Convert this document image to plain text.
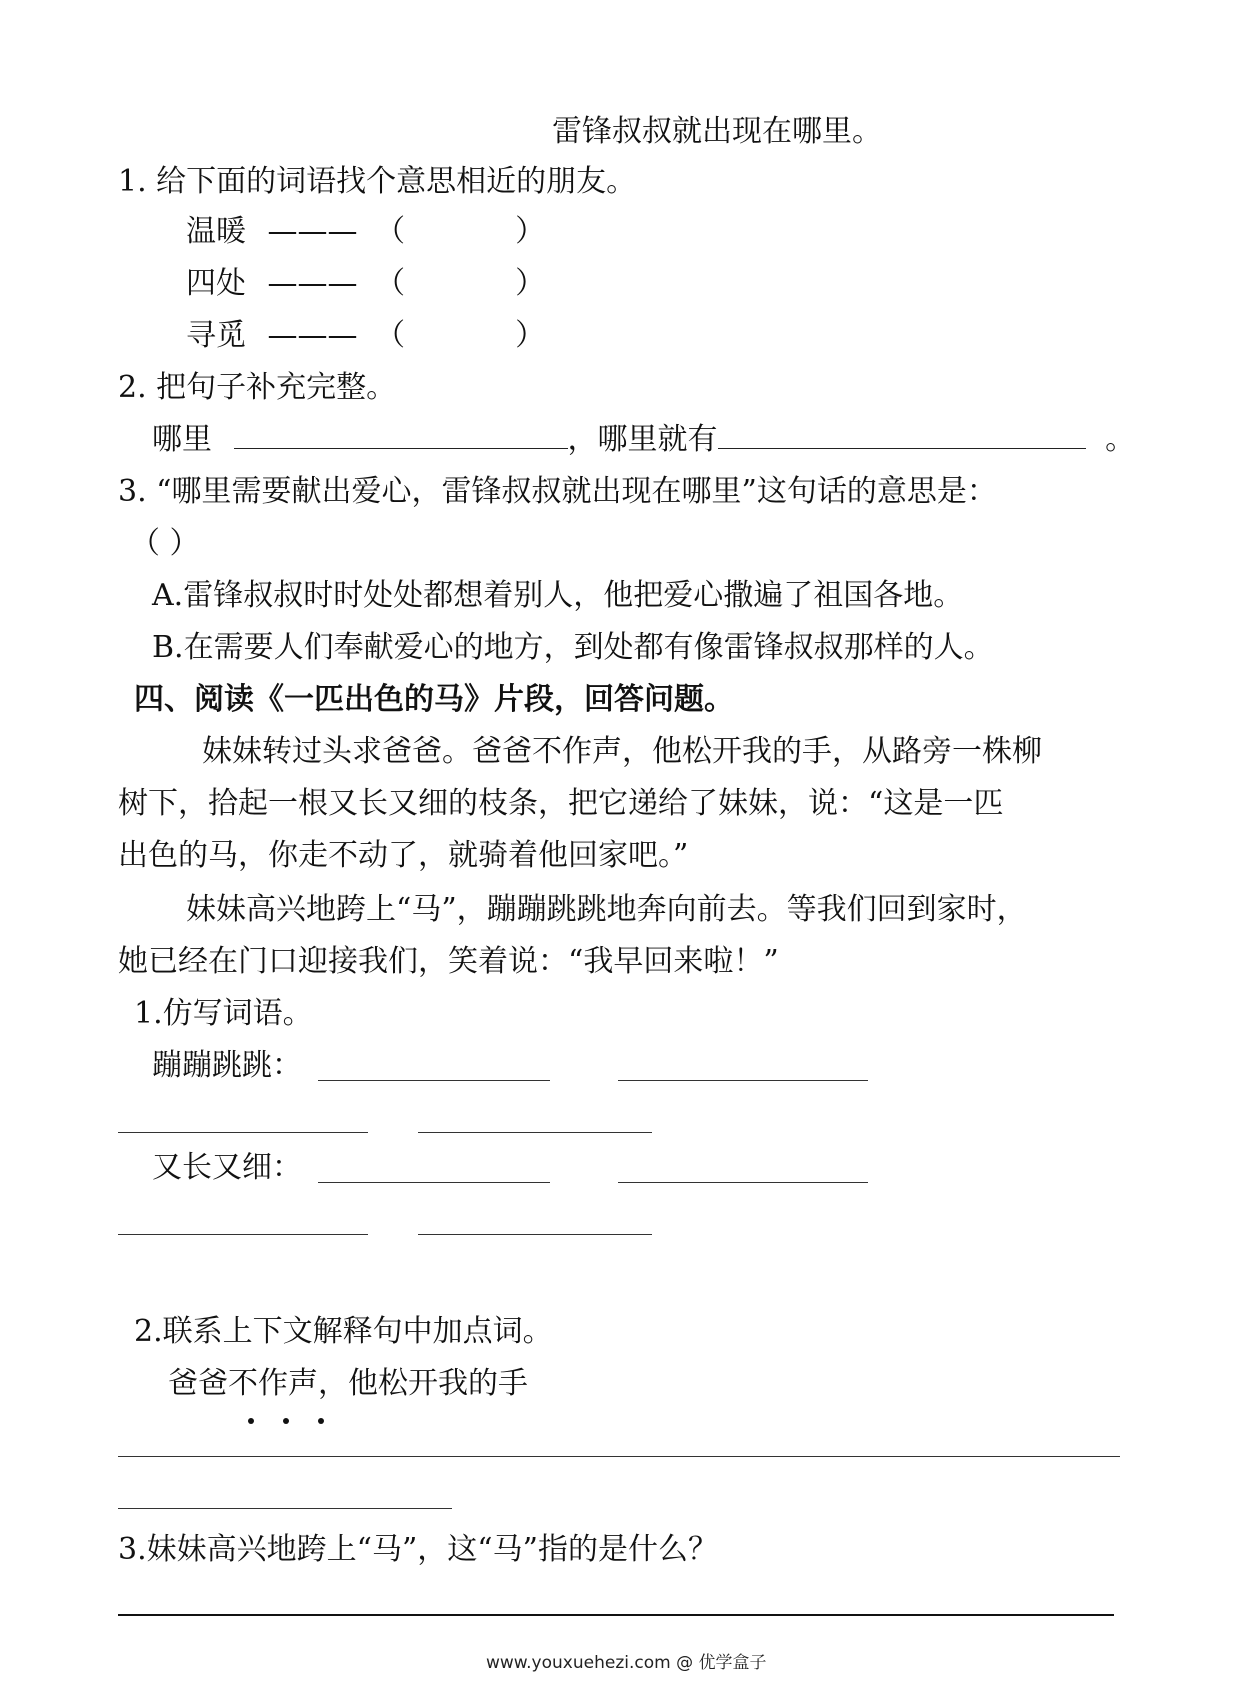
雷锋叔叔就出现在哪里。
1. 给下面的词语找个意思相近的朋友。
温暖 ——— （	）
四处 ——— （	）
寻觅 ——— （	）
2. 把句子补充完整。
哪里	，哪里就有	。
3. “哪里需要献出爱心，雷锋叔叔就出现在哪里”这句话的意思是：
（ ）
A.雷锋叔叔时时处处都想着别人，他把爱心撒遍了祖国各地。
B.在需要人们奉献爱心的地方，到处都有像雷锋叔叔那样的人。
四、阅读《一匹出色的马》片段，回答问题。
妹妹转过头求爸爸。爸爸不作声，他松开我的手，从路旁一株柳
树下，拾起一根又长又细的枝条，把它递给了妹妹，说：“这是一匹
出色的马，你走不动了，就骑着他回家吧。”
妹妹高兴地跨上“马”，蹦蹦跳跳地奔向前去。等我们回到家时，
她已经在门口迎接我们，笑着说：“我早回来啦！”
1.仿写词语。
蹦蹦跳跳：
又长又细：
2.联系上下文解释句中加点词。
爸爸不作声，他松开我的手
3.妹妹高兴地跨上“马”，这“马”指的是什么？
www.youxuehezi.com @ 优学盒子
